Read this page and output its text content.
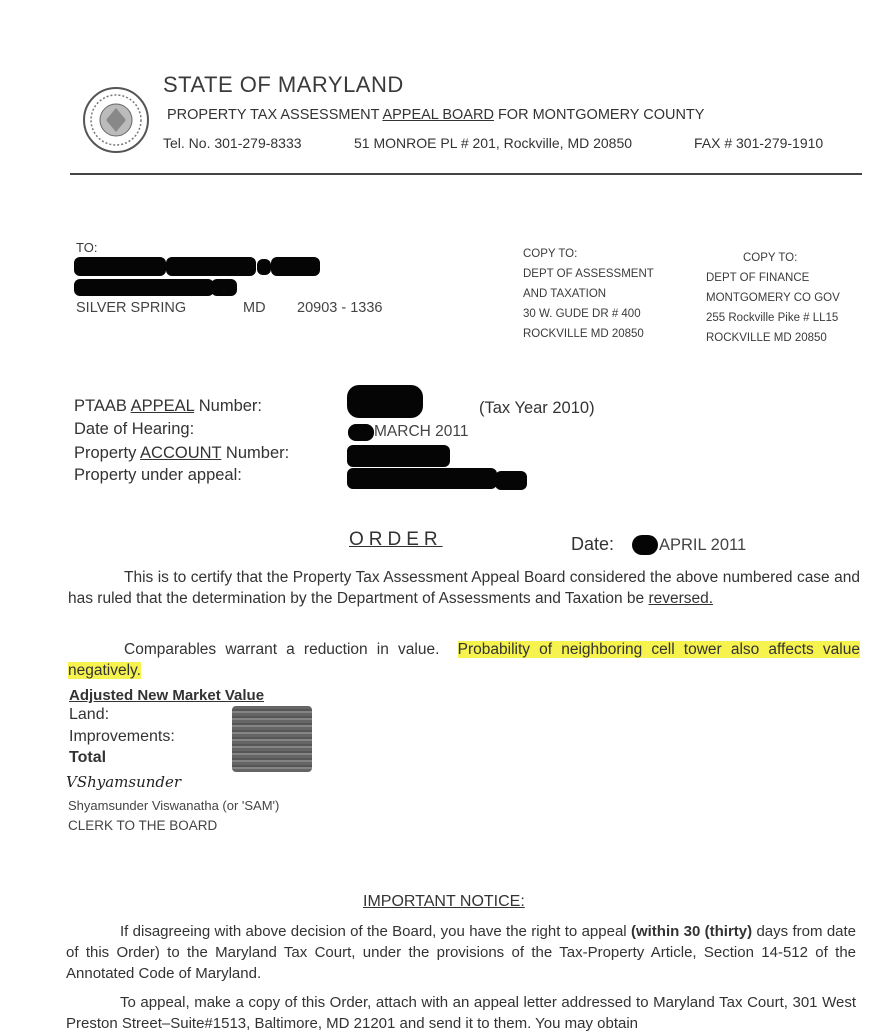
STATE OF MARYLAND
PROPERTY TAX ASSESSMENT APPEAL BOARD FOR MONTGOMERY COUNTY
Tel. No. 301-279-8333	51 MONROE PL # 201, Rockville, MD 20850	FAX # 301-279-1910
TO:
SILVER SPRING	MD 20903 - 1336
COPY TO:
DEPT OF ASSESSMENT
AND TAXATION
30 W. GUDE DR # 400
ROCKVILLE MD 20850
COPY TO:
DEPT OF FINANCE
MONTGOMERY CO GOV
255 Rockville Pike # LL15
ROCKVILLE MD 20850
PTAAB APPEAL Number:	(Tax Year 2010)
Date of Hearing:	MARCH 2011
Property ACCOUNT Number:
Property under appeal:
ORDER	Date:	APRIL 2011
This is to certify that the Property Tax Assessment Appeal Board considered the above numbered case and has ruled that the determination by the Department of Assessments and Taxation be reversed.
Comparables warrant a reduction in value. Probability of neighboring cell tower also affects value negatively.
Adjusted New Market Value
Land:
Improvements:
Total
VShyamsunder
Shyamsunder Viswanatha (or 'SAM')
CLERK TO THE BOARD
IMPORTANT NOTICE:
If disagreeing with above decision of the Board, you have the right to appeal (within 30 (thirty) days from date of this Order) to the Maryland Tax Court, under the provisions of the Tax-Property Article, Section 14-512 of the Annotated Code of Maryland.
To appeal, make a copy of this Order, attach with an appeal letter addressed to Maryland Tax Court, 301 West Preston Street–Suite#1513, Baltimore, MD 21201 and send it to them. You may obtain
